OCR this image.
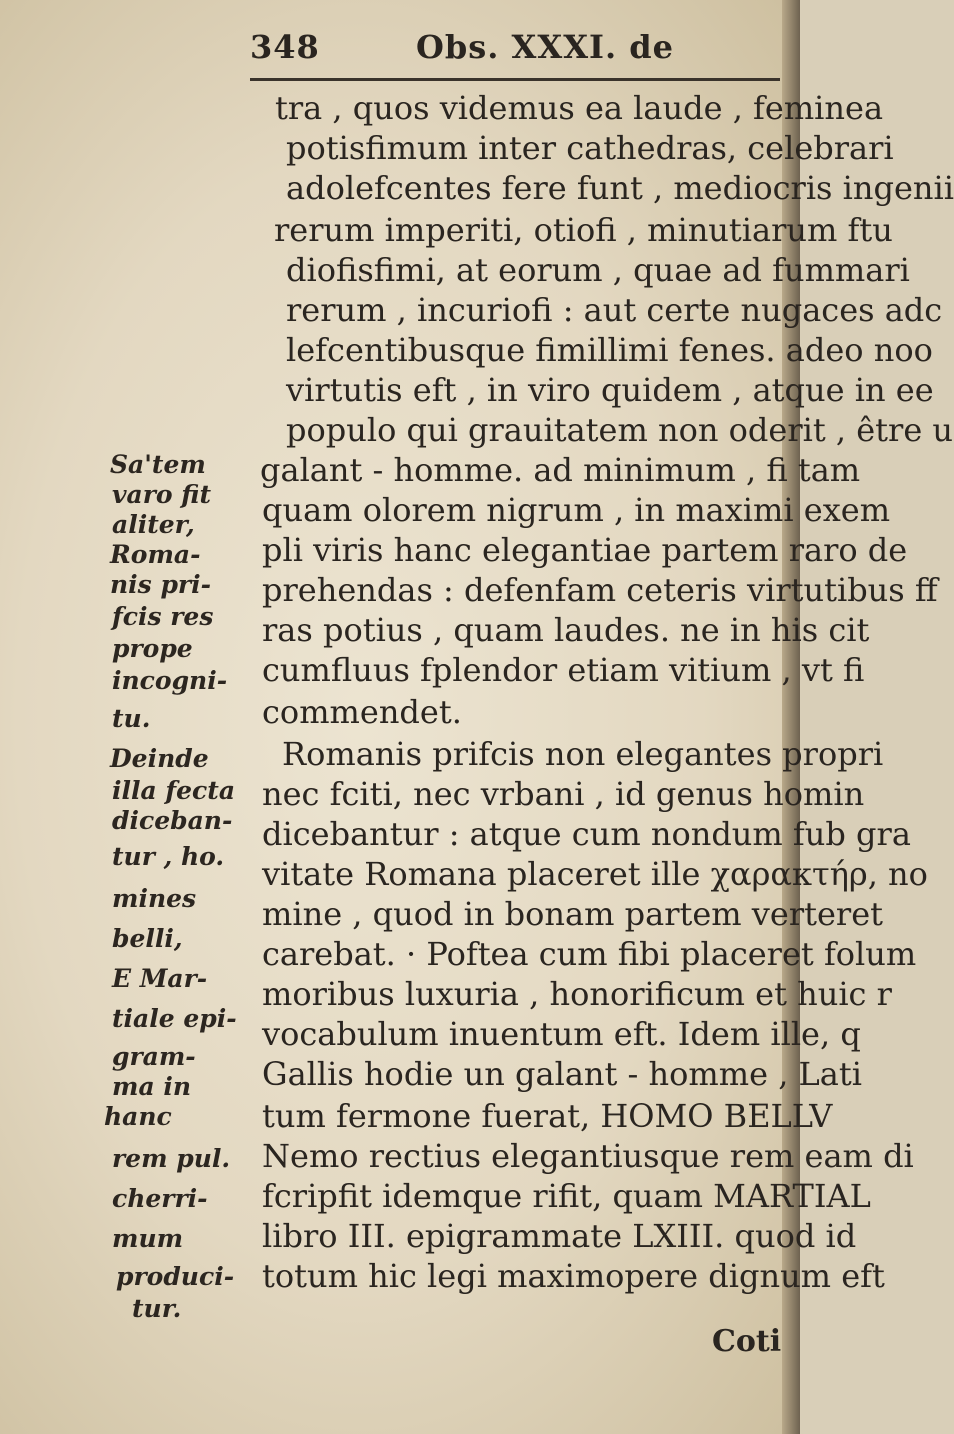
348	Obs. XXXI. de
tra , quos videmus ea laude , feminea
potisfimum inter cathedras, celebrari
adolefcentes fere funt , mediocris ingenii
rerum imperiti, otiofi , minutiarum ftu
diofisfimi, at eorum , quae ad fummari
rerum , incuriofi : aut certe nugaces adc
lefcentibusque fimillimi fenes. adeo noo
virtutis eft , in viro quidem , atque in ee
populo qui grauitatem non oderit , être u
galant - homme. ad minimum , fi tam
quam olorem nigrum , in maximi exem
pli viris hanc elegantiae partem raro de
prehendas : defenfam ceteris virtutibus ff
ras potius , quam laudes. ne in his cit
cumfluus fplendor etiam vitium , vt fi
commendet.
Romanis prifcis non elegantes propri
nec fciti, nec vrbani , id genus homin
dicebantur : atque cum nondum fub gra
vitate Romana placeret ille χαρακτήρ, no
mine , quod in bonam partem verteret
carebat. · Poftea cum fibi placeret folum
moribus luxuria , honorificum et huic r
vocabulum inuentum eft. Idem ille, q
Gallis hodie un galant - homme , Lati
tum fermone fuerat, HOMO BELLV
Nemo rectius elegantiusque rem eam di
fcripfit idemque rifit, quam MARTIAL
libro III. epigrammate LXIII. quod id
totum hic legi maximopere dignum eft
Sa'tem
varo fit
aliter,
Roma-
nis pri-
fcis res
prope
incogni-
tu.
Deinde
illa fecta
diceban-
tur , ho.
mines
belli,
E Mar-
tiale epi-
gram-
ma in
hanc
rem pul.
cherri-
mum
produci-
tur.
Coti
